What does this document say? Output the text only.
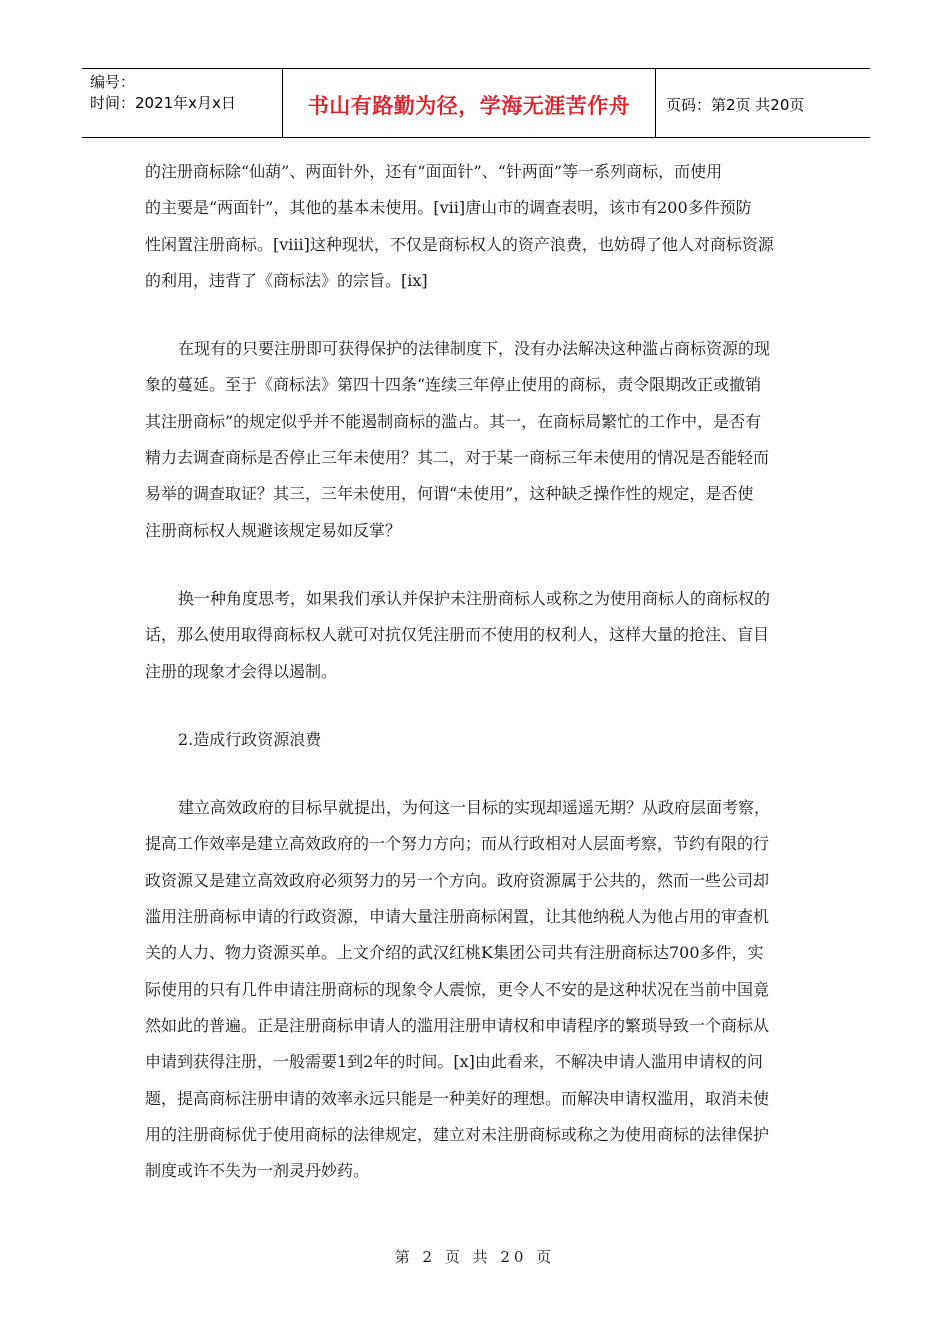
编号：
时间：2021年x月x日	书山有路勤为径，学海无涯苦作舟	页码：第2页 共20页

的注册商标除“仙葫”、两面针外，还有“面面针”、“针两面”等一系列商标，而使用
的主要是“两面针”，其他的基本未使用。[vii]唐山市的调查表明，该市有200多件预防
性闲置注册商标。[viii]这种现状，不仅是商标权人的资产浪费，也妨碍了他人对商标资源
的利用，违背了《商标法》的宗旨。[ix]

在现有的只要注册即可获得保护的法律制度下，没有办法解决这种滥占商标资源的现
象的蔓延。至于《商标法》第四十四条“连续三年停止使用的商标，责令限期改正或撤销
其注册商标”的规定似乎并不能遏制商标的滥占。其一，在商标局繁忙的工作中，是否有
精力去调查商标是否停止三年未使用？其二，对于某一商标三年未使用的情况是否能轻而
易举的调查取证？其三，三年未使用，何谓“未使用”，这种缺乏操作性的规定，是否使
注册商标权人规避该规定易如反掌？

换一种角度思考，如果我们承认并保护未注册商标人或称之为使用商标人的商标权的
话，那么使用取得商标权人就可对抗仅凭注册而不使用的权利人，这样大量的抢注、盲目
注册的现象才会得以遏制。

2.造成行政资源浪费

建立高效政府的目标早就提出，为何这一目标的实现却遥遥无期？从政府层面考察，
提高工作效率是建立高效政府的一个努力方向；而从行政相对人层面考察，节约有限的行
政资源又是建立高效政府必须努力的另一个方向。政府资源属于公共的，然而一些公司却
滥用注册商标申请的行政资源，申请大量注册商标闲置，让其他纳税人为他占用的审查机
关的人力、物力资源买单。上文介绍的武汉红桃K集团公司共有注册商标达700多件，实
际使用的只有几件申请注册商标的现象令人震惊，更令人不安的是这种状况在当前中国竟
然如此的普遍。正是注册商标申请人的滥用注册申请权和申请程序的繁琐导致一个商标从
申请到获得注册，一般需要1到2年的时间。[x]由此看来，不解决申请人滥用申请权的问
题，提高商标注册申请的效率永远只能是一种美好的理想。而解决申请权滥用，取消未使
用的注册商标优于使用商标的法律规定，建立对未注册商标或称之为使用商标的法律保护
制度或许不失为一剂灵丹妙药。

第 2 页 共 20 页
